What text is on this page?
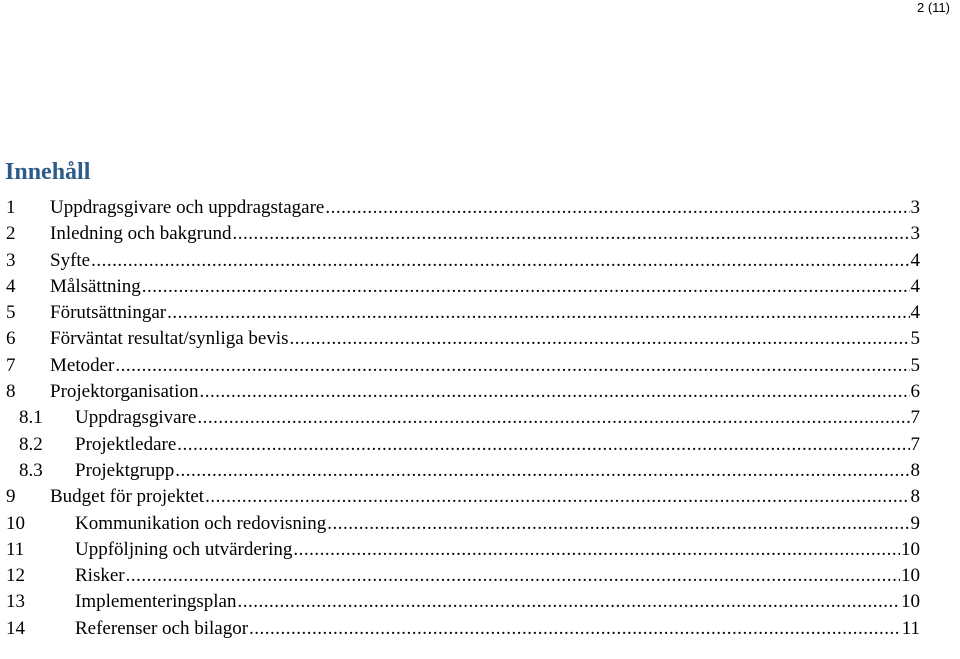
2 (11)
Innehåll
1	Uppdragsgivare och uppdragstagare .....	3
2	Inledning och bakgrund .....	3
3	Syfte .....	4
4	Målsättning .....	4
5	Förutsättningar .....	4
6	Förväntat resultat/synliga bevis .....	5
7	Metoder .....	5
8	Projektorganisation .....	6
8.1	Uppdragsgivare .....	7
8.2	Projektledare .....	7
8.3	Projektgrupp .....	8
9	Budget för projektet .....	8
10	Kommunikation och redovisning .....	9
11	Uppföljning och utvärdering .....	10
12	Risker .....	10
13	Implementeringsplan .....	10
14	Referenser och bilagor .....	11
